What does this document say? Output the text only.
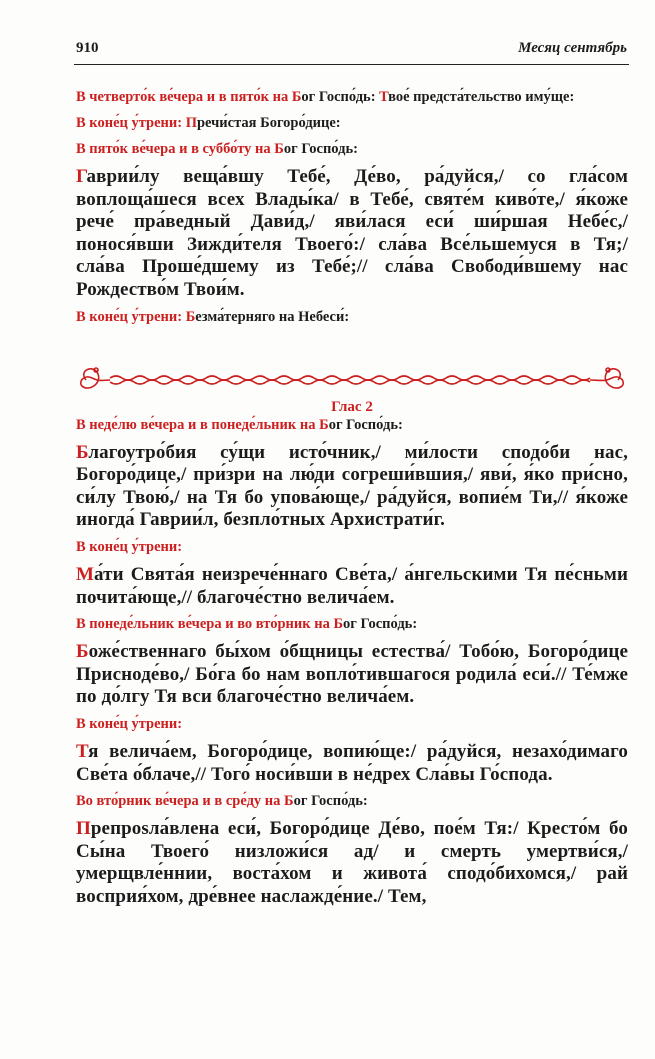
910	Месяц сентябрь
В четверто́к ве́чера и в пято́к на Бог Госпо́дь: Твое́ предста́тельство иму́ще:
В коне́ц у́трени: Пречи́стая Богоро́дице:
В пято́к ве́чера и в суббо́ту на Бог Госпо́дь:
Гаврии́лу веща́вшу Тебе́, Де́во, ра́дуйся,/ со гла́сом воплоща́шеся всех Влады́ка/ в Тебе́, святе́м киво́те,/ я́коже рече́ пра́ведный Дави́д,/ яви́лася еси́ ши́ршая Небе́с,/ понося́вши Зижди́теля Твоего́:/ сла́ва Все́льшемуся в Тя;/ сла́ва Проше́дшему из Тебе́;// сла́ва Свободи́вшему нас Рождество́м Твои́м.
В коне́ц у́трени: Безма́терняго на Небеси́:
Глас 2
В неде́лю ве́чера и в понеде́льник на Бог Госпо́дь:
Благоутро́бия су́щи исто́чник,/ ми́лости сподо́би нас, Богоро́дице,/ при́зри на лю́ди согреши́вшия,/ яви́, я́ко при́сно, си́лу Твою́,/ на Тя бо упова́юще,/ ра́дуйся, вопие́м Ти,// я́коже иногда́ Гаврии́л, безпло́тных Архистрати́г.
В коне́ц у́трени:
Ма́ти Свята́я неизрече́ннаго Све́та,/ а́нгельскими Тя пе́сньми почита́юще,// благоче́стно велича́ем.
В понеде́льник ве́чера и во вто́рник на Бог Госпо́дь:
Боже́ственнаго бы́хом о́бщницы естества́/ Тобо́ю, Богоро́дице Присноде́во,/ Бо́га бо нам вопло́тившагося родила́ еси́.// Те́мже по до́лгу Тя вси благоче́стно велича́ем.
В коне́ц у́трени:
Тя велича́ем, Богоро́дице, вопию́ще:/ ра́дуйся, незахо́димаго Све́та о́блаче,// Того́ носи́вши в не́дрех Сла́вы Го́спода.
Во вто́рник ве́чера и в сре́ду на Бог Госпо́дь:
Препрosла́влена еси́, Богоро́дице Де́во, пое́м Тя:/ Кресто́м бо Сы́на Твоего́ низложи́ся ад/ и смерть умертви́ся,/ умерщвле́ннии, воста́хом и живота́ сподо́бихомся,/ рай восприя́хом, дре́внее наслажде́ние./ Тем,
